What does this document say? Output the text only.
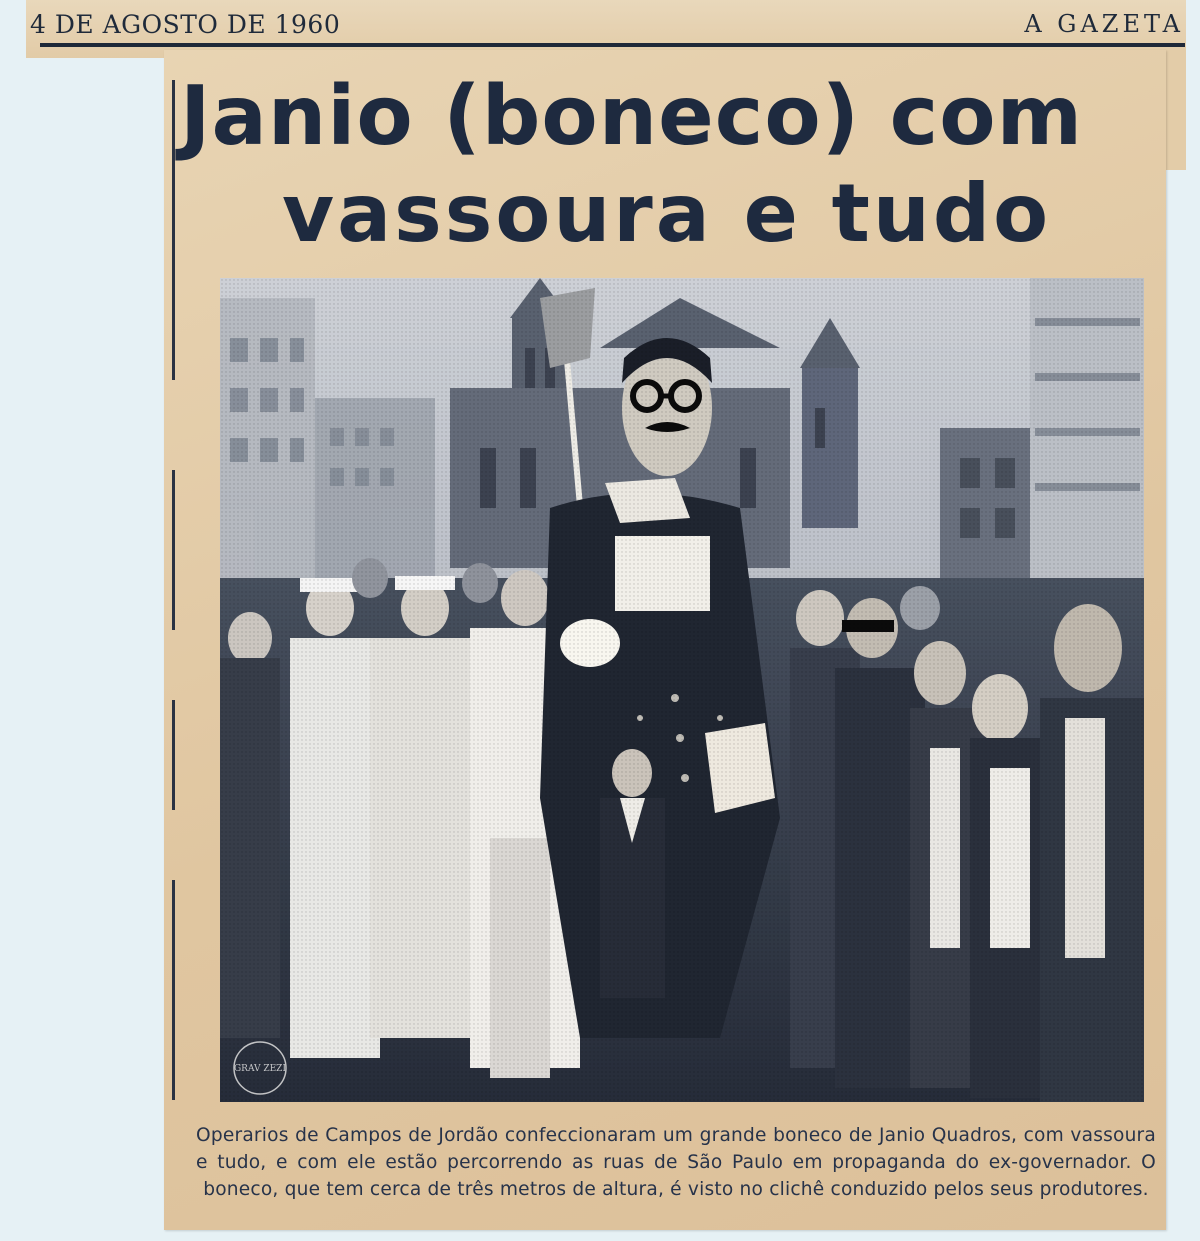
4 DE AGOSTO DE 1960	A GAZETA
Janio (boneco) com
vassoura e tudo
GRAV ZEZI
Operarios de Campos de Jordão confeccionaram um grande boneco de Janio Quadros, com vassoura e tudo, e com ele estão percorrendo as ruas de São Paulo em propaganda do ex-governador. O boneco, que tem cerca de três metros de altura, é visto no clichê conduzido pelos seus produtores.
